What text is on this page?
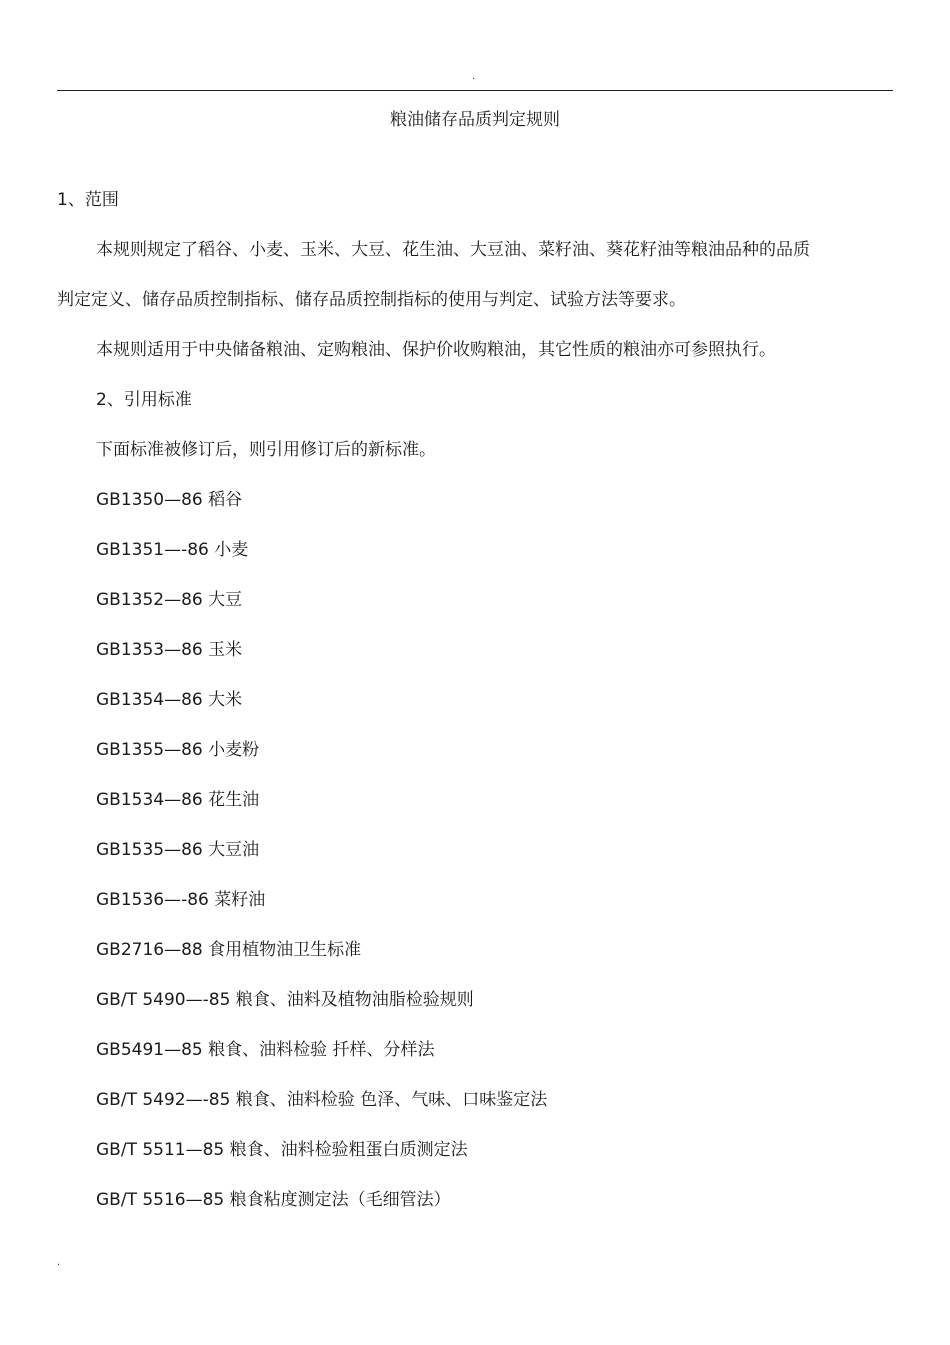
.
粮油储存品质判定规则
1、范围
本规则规定了稻谷、小麦、玉米、大豆、花生油、大豆油、菜籽油、葵花籽油等粮油品种的品质
判定定义、储存品质控制指标、储存品质控制指标的使用与判定、试验方法等要求。
本规则适用于中央储备粮油、定购粮油、保护价收购粮油，其它性质的粮油亦可参照执行。
2、引用标准
下面标准被修订后，则引用修订后的新标准。
GB1350—86 稻谷
GB1351—-86 小麦
GB1352—86 大豆
GB1353—86 玉米
GB1354—86 大米
GB1355—86 小麦粉
GB1534—86 花生油
GB1535—86 大豆油
GB1536—-86 菜籽油
GB2716—88 食用植物油卫生标准
GB/T 5490—-85 粮食、油料及植物油脂检验规则
GB5491—85 粮食、油料检验 扦样、分样法
GB/T 5492—-85 粮食、油料检验 色泽、气味、口味鉴定法
GB/T 5511—85 粮食、油料检验粗蛋白质测定法
GB/T 5516—85 粮食粘度测定法（毛细管法）
.
